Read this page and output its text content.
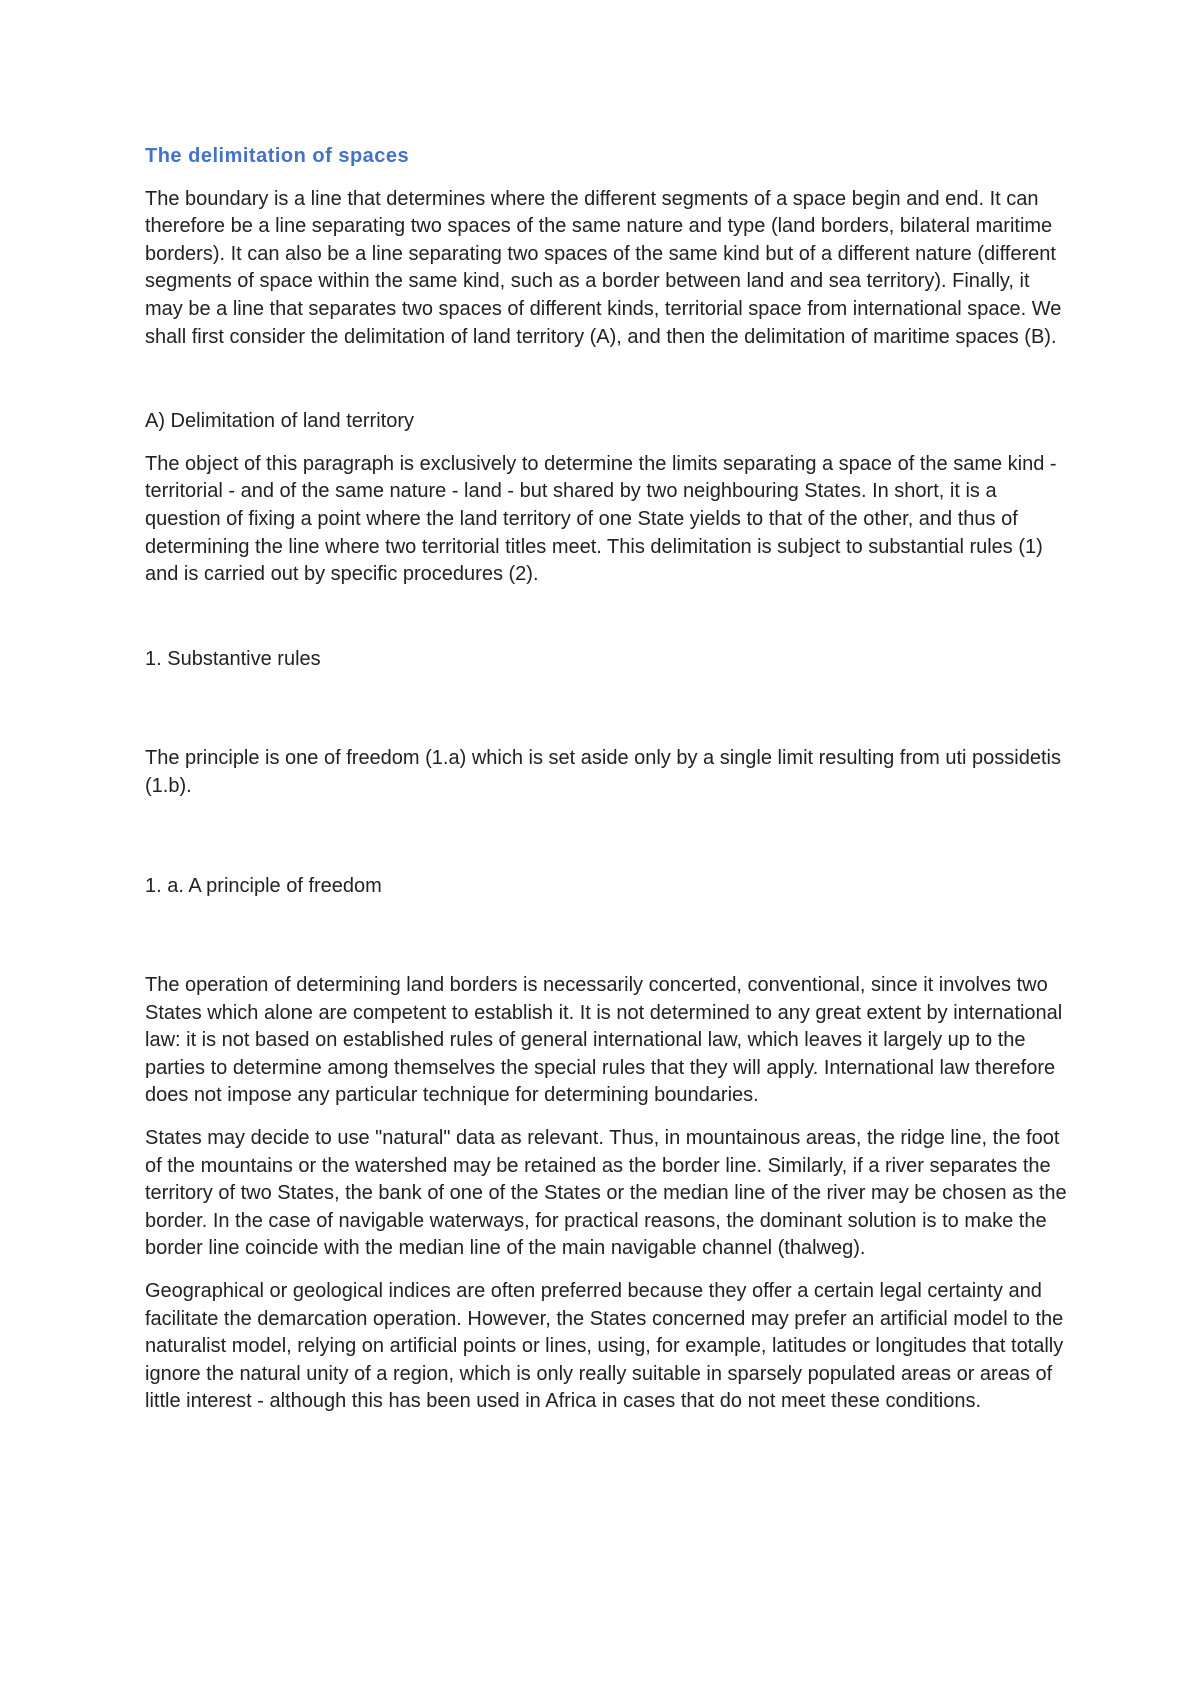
The delimitation of spaces

The boundary is a line that determines where the different segments of a space begin and end. It can therefore be a line separating two spaces of the same nature and type (land borders, bilateral maritime borders). It can also be a line separating two spaces of the same kind but of a different nature (different segments of space within the same kind, such as a border between land and sea territory). Finally, it may be a line that separates two spaces of different kinds, territorial space from international space. We shall first consider the delimitation of land territory (A), and then the delimitation of maritime spaces (B).

A) Delimitation of land territory

The object of this paragraph is exclusively to determine the limits separating a space of the same kind - territorial - and of the same nature - land - but shared by two neighbouring States. In short, it is a question of fixing a point where the land territory of one State yields to that of the other, and thus of determining the line where two territorial titles meet. This delimitation is subject to substantial rules (1) and is carried out by specific procedures (2).

1. Substantive rules

The principle is one of freedom (1.a) which is set aside only by a single limit resulting from uti possidetis (1.b).

1. a. A principle of freedom

The operation of determining land borders is necessarily concerted, conventional, since it involves two States which alone are competent to establish it. It is not determined to any great extent by international law: it is not based on established rules of general international law, which leaves it largely up to the parties to determine among themselves the special rules that they will apply. International law therefore does not impose any particular technique for determining boundaries.

States may decide to use "natural" data as relevant. Thus, in mountainous areas, the ridge line, the foot of the mountains or the watershed may be retained as the border line. Similarly, if a river separates the territory of two States, the bank of one of the States or the median line of the river may be chosen as the border. In the case of navigable waterways, for practical reasons, the dominant solution is to make the border line coincide with the median line of the main navigable channel (thalweg).

Geographical or geological indices are often preferred because they offer a certain legal certainty and facilitate the demarcation operation. However, the States concerned may prefer an artificial model to the naturalist model, relying on artificial points or lines, using, for example, latitudes or longitudes that totally ignore the natural unity of a region, which is only really suitable in sparsely populated areas or areas of little interest - although this has been used in Africa in cases that do not meet these conditions.
